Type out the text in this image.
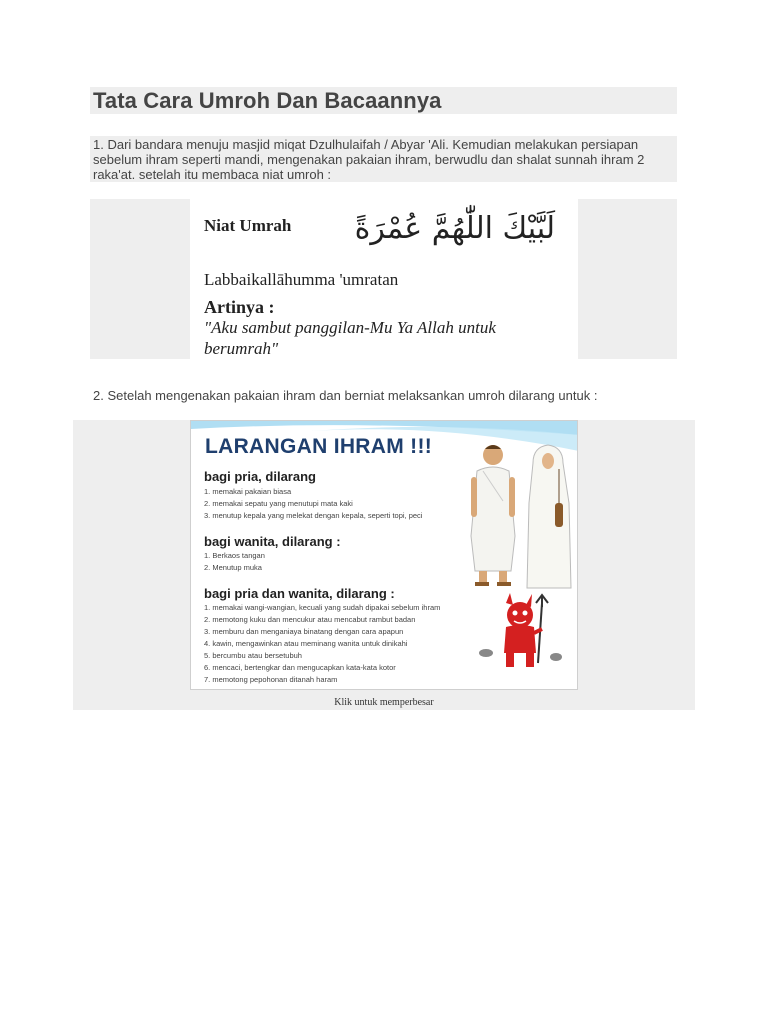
Tata Cara Umroh Dan Bacaannya

1. Dari bandara menuju masjid miqat Dzulhulaifah / Abyar 'Ali. Kemudian melakukan persiapan sebelum ihram seperti mandi, mengenakan pakaian ihram, berwudlu dan shalat sunnah ihram 2 raka'at. setelah itu membaca niat umroh :

Niat Umrah لَبَّيْكَ اللّٰهُمَّ عُمْرَةً
Labbaikallāhumma 'umratan
Artinya :
"Aku sambut panggilan-Mu Ya Allah untuk berumrah"

2. Setelah mengenakan pakaian ihram dan berniat melaksankan umroh dilarang untuk :

LARANGAN IHRAM !!!
bagi pria, dilarang
1. memakai pakaian biasa
2. memakai sepatu yang menutupi mata kaki
3. menutup kepala yang melekat dengan kepala, seperti topi, peci
bagi wanita, dilarang :
1. Berkaos tangan
2. Menutup muka
bagi pria dan wanita, dilarang :
1. memakai wangi-wangian, kecuali yang sudah dipakai sebelum ihram
2. memotong kuku dan mencukur atau mencabut rambut badan
3. memburu dan menganiaya binatang dengan cara apapun
4. kawin, mengawinkan atau meminang wanita untuk dinikahi
5. bercumbu atau bersetubuh
6. mencaci, bertengkar dan mengucapkan kata-kata kotor
7. memotong pepohonan ditanah haram
Klik untuk memperbesar
